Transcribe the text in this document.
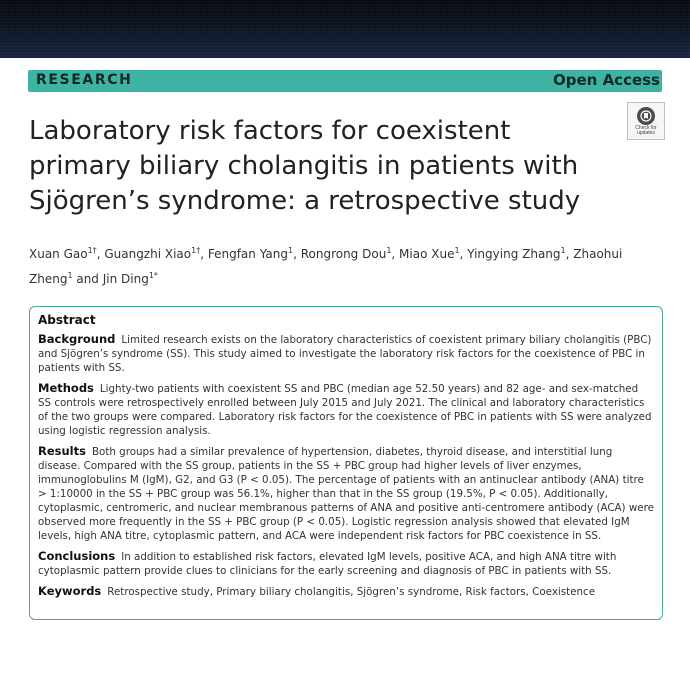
RESEARCH	Open Access
Check for updates
Laboratory risk factors for coexistent primary biliary cholangitis in patients with Sjögren’s syndrome: a retrospective study
Xuan Gao$^{1\dagger}$, Guangzhi Xiao$^{1\dagger}$, Fengfan Yang$^1$, Rongrong Dou$^1$, Miao Xue$^1$, Yingying Zhang$^1$, Zhaohui Zheng$^1$ and Jin Ding$^{1*}$
Abstract
Background Limited research exists on the laboratory characteristics of coexistent primary biliary cholangitis (PBC) and Sjögren’s syndrome (SS). This study aimed to investigate the laboratory risk factors for the coexistence of PBC in patients with SS.
Methods Lighty-two patients with coexistent SS and PBC (median age 52.50 years) and 82 age- and sex-matched SS controls were retrospectively enrolled between July 2015 and July 2021. The clinical and laboratory characteristics of the two groups were compared. Laboratory risk factors for the coexistence of PBC in patients with SS were analyzed using logistic regression analysis.
Results Both groups had a similar prevalence of hypertension, diabetes, thyroid disease, and interstitial lung disease. Compared with the SS group, patients in the SS + PBC group had higher levels of liver enzymes, immunoglobulins M (IgM), G2, and G3 (P < 0.05). The percentage of patients with an antinuclear antibody (ANA) titre > 1:10000 in the SS + PBC group was 56.1%, higher than that in the SS group (19.5%, P < 0.05). Additionally, cytoplasmic, centromeric, and nuclear membranous patterns of ANA and positive anti-centromere antibody (ACA) were observed more frequently in the SS + PBC group (P < 0.05). Logistic regression analysis showed that elevated IgM levels, high ANA titre, cytoplasmic pattern, and ACA were independent risk factors for PBC coexistence in SS.
Conclusions In addition to established risk factors, elevated IgM levels, positive ACA, and high ANA titre with cytoplasmic pattern provide clues to clinicians for the early screening and diagnosis of PBC in patients with SS.
Keywords Retrospective study, Primary biliary cholangitis, Sjögren’s syndrome, Risk factors, Coexistence
